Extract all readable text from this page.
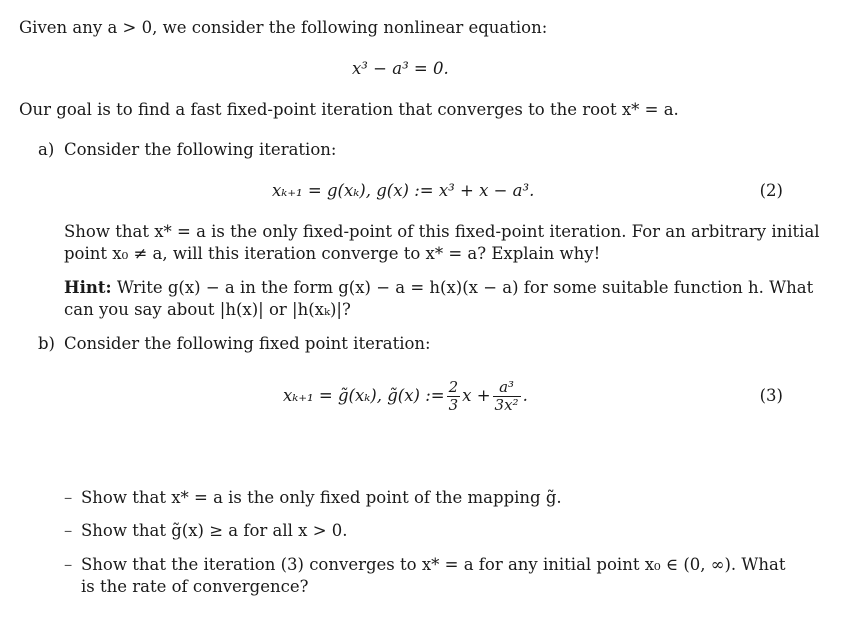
Given any a > 0, we consider the following nonlinear equation:
x³ − a³ = 0.
Our goal is to find a fast fixed-point iteration that converges to the root x* = a.
a) Consider the following iteration:
xₖ₊₁ = g(xₖ), g(x) := x³ + x − a³.	(2)
Show that x* = a is the only fixed-point of this fixed-point iteration. For an arbitrary initial
point x₀ ≠ a, will this iteration converge to x* = a? Explain why!
Hint: Write g(x) − a in the form g(x) − a = h(x)(x − a) for some suitable function h. What
can you say about |h(x)| or |h(xₖ)|?
b) Consider the following fixed point iteration:
xₖ₊₁ = g̃(xₖ), g̃(x) := $\frac{2}{3}$ $x + \frac{\text{a³}}{\text{3x²}}$ .	(3)
– Show that x* = a is the only fixed point of the mapping g̃.
– Show that g̃(x) ≥ a for all x > 0.
– Show that the iteration (3) converges to x* = a for any initial point x₀ ∈ (0, ∞). What
is the rate of convergence?
